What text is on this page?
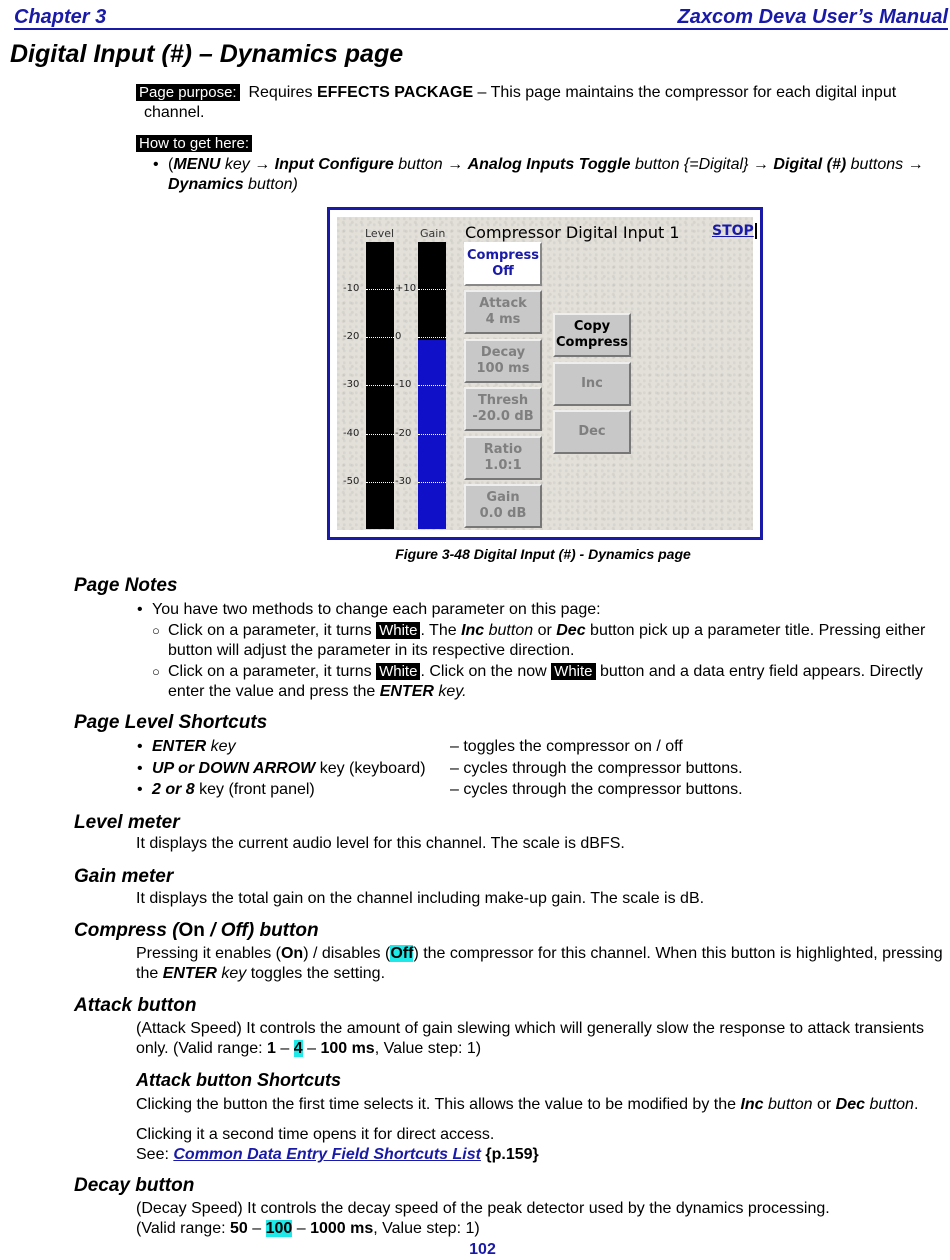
Chapter 3	Zaxcom Deva User’s Manual
Digital Input (#) – Dynamics page
Page purpose: Requires EFFECTS PACKAGE – This page maintains the compressor for each digital input
channel.
How to get here:
• (MENU key → Input Configure button → Analog Inputs Toggle button {=Digital} → Digital (#) buttons →
Dynamics button)
Level Gain
-10
-20
-30
-40
-50
+10
0
-10
-20
-30
Compressor Digital Input 1 STOP
Compress
Off
Attack
4 ms
Decay
100 ms
Thresh
-20.0 dB
Ratio
1.0:1
Gain
0.0 dB
Copy
Compress
Inc
Dec
Figure 3-48 Digital Input (#) - Dynamics page
Page Notes
• You have two methods to change each parameter on this page:
○ Click on a parameter, it turns White . The Inc button or Dec button pick up a parameter title. Pressing either
button will adjust the parameter in its respective direction.
○ Click on a parameter, it turns White . Click on the now White button and a data entry field appears. Directly
enter the value and press the ENTER key.
Page Level Shortcuts
• ENTER key	– toggles the compressor on / off
• UP or DOWN ARROW key (keyboard) – cycles through the compressor buttons.
• 2 or 8 key (front panel)	– cycles through the compressor buttons.
Level meter
It displays the current audio level for this channel. The scale is dBFS.
Gain meter
It displays the total gain on the channel including make-up gain. The scale is dB.
Compress (On / Off) button
Pressing it enables (On) / disables (Off) the compressor for this channel. When this button is highlighted, pressing
the ENTER key toggles the setting.
Attack button
(Attack Speed) It controls the amount of gain slewing which will generally slow the response to attack transients
only. (Valid range: 1 – 4 – 100 ms, Value step: 1)
Attack button Shortcuts
Clicking the button the first time selects it. This allows the value to be modified by the Inc button or Dec button.
Clicking it a second time opens it for direct access.
See: Common Data Entry Field Shortcuts List {p.159}
Decay button
(Decay Speed) It controls the decay speed of the peak detector used by the dynamics processing.
(Valid range: 50 – 100 – 1000 ms, Value step: 1)
102
